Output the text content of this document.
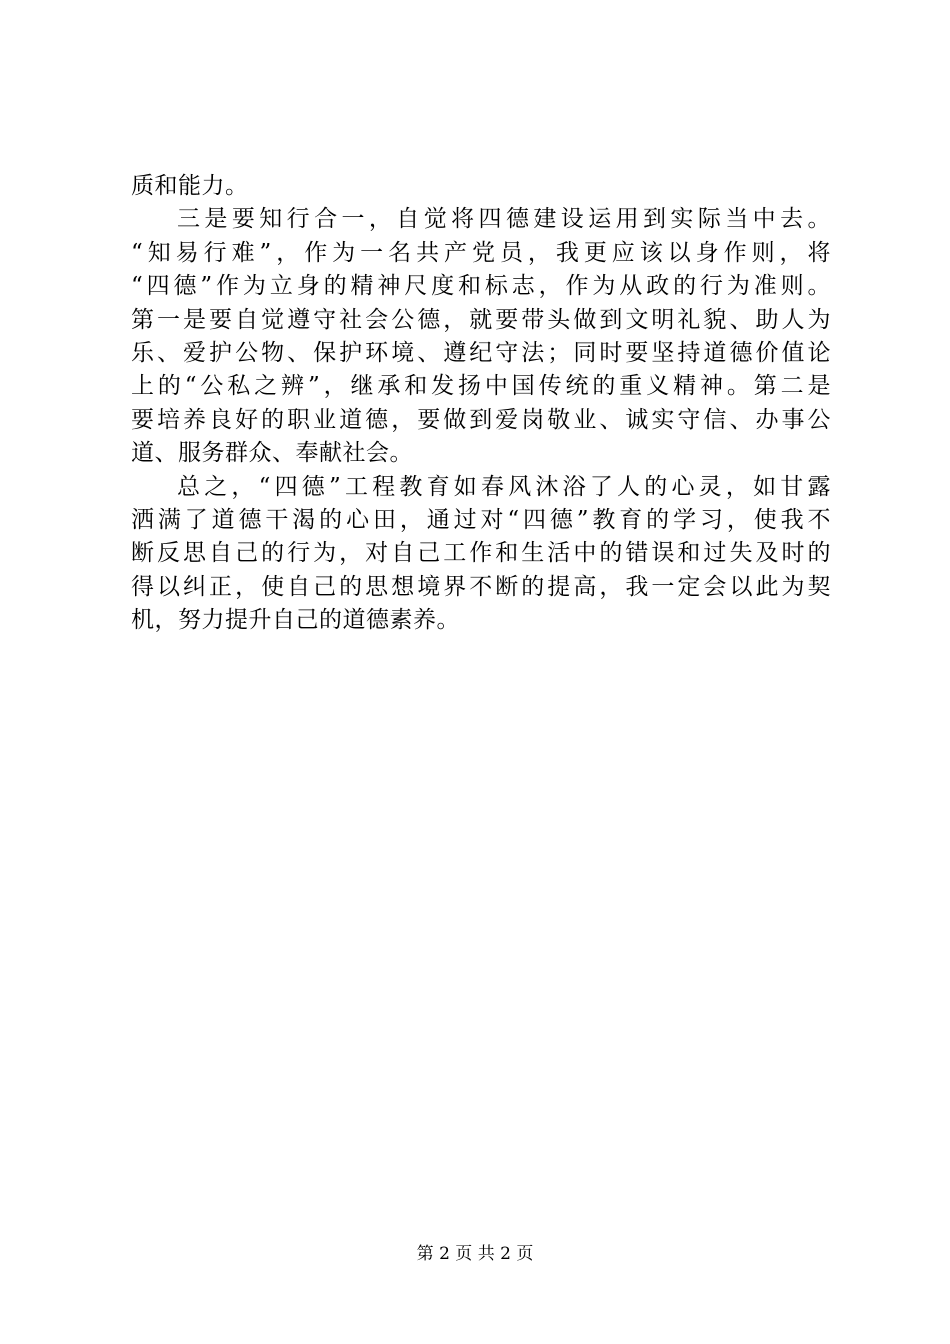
质和能力。
三是要知行合一，自觉将四德建设运用到实际当中去。
“知易行难”，作为一名共产党员，我更应该以身作则，将
“四德”作为立身的精神尺度和标志，作为从政的行为准则。
第一是要自觉遵守社会公德，就要带头做到文明礼貌、助人为
乐、爱护公物、保护环境、遵纪守法；同时要坚持道德价值论
上的“公私之辨”，继承和发扬中国传统的重义精神。第二是
要培养良好的职业道德，要做到爱岗敬业、诚实守信、办事公
道、服务群众、奉献社会。
总之，“四德”工程教育如春风沐浴了人的心灵，如甘露
洒满了道德干渴的心田，通过对“四德”教育的学习，使我不
断反思自己的行为，对自己工作和生活中的错误和过失及时的
得以纠正，使自己的思想境界不断的提高，我一定会以此为契
机，努力提升自己的道德素养。
第 2 页 共 2 页
